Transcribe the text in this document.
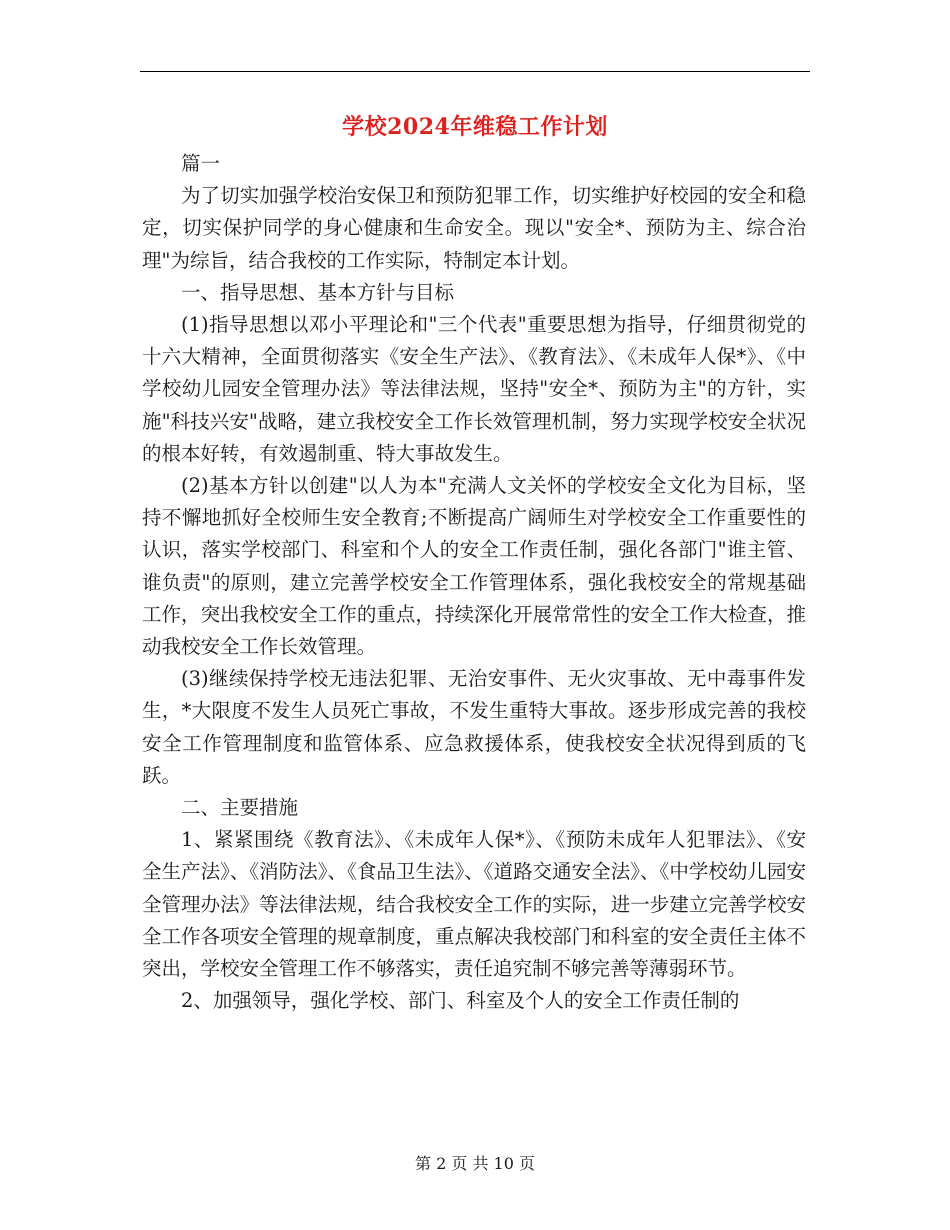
学校2024年维稳工作计划

篇一

为了切实加强学校治安保卫和预防犯罪工作，切实维护好校园的安全和稳定，切实保护同学的身心健康和生命安全。现以"安全*、预防为主、综合治理"为综旨，结合我校的工作实际，特制定本计划。

一、指导思想、基本方针与目标

(1)指导思想以邓小平理论和"三个代表"重要思想为指导，仔细贯彻党的十六大精神，全面贯彻落实《安全生产法》、《教育法》、《未成年人保*》、《中学校幼儿园安全管理办法》等法律法规，坚持"安全*、预防为主"的方针，实施"科技兴安"战略，建立我校安全工作长效管理机制，努力实现学校安全状况的根本好转，有效遏制重、特大事故发生。

(2)基本方针以创建"以人为本"充满人文关怀的学校安全文化为目标，坚持不懈地抓好全校师生安全教育;不断提高广阔师生对学校安全工作重要性的认识，落实学校部门、科室和个人的安全工作责任制，强化各部门"谁主管、谁负责"的原则，建立完善学校安全工作管理体系，强化我校安全的常规基础工作，突出我校安全工作的重点，持续深化开展常常性的安全工作大检查，推动我校安全工作长效管理。

(3)继续保持学校无违法犯罪、无治安事件、无火灾事故、无中毒事件发生，*大限度不发生人员死亡事故，不发生重特大事故。逐步形成完善的我校安全工作管理制度和监管体系、应急救援体系，使我校安全状况得到质的飞跃。

二、主要措施

1、紧紧围绕《教育法》、《未成年人保*》、《预防未成年人犯罪法》、《安全生产法》、《消防法》、《食品卫生法》、《道路交通安全法》、《中学校幼儿园安全管理办法》等法律法规，结合我校安全工作的实际，进一步建立完善学校安全工作各项安全管理的规章制度，重点解决我校部门和科室的安全责任主体不突出，学校安全管理工作不够落实，责任追究制不够完善等薄弱环节。

2、加强领导，强化学校、部门、科室及个人的安全工作责任制的

第 2 页 共 10 页
